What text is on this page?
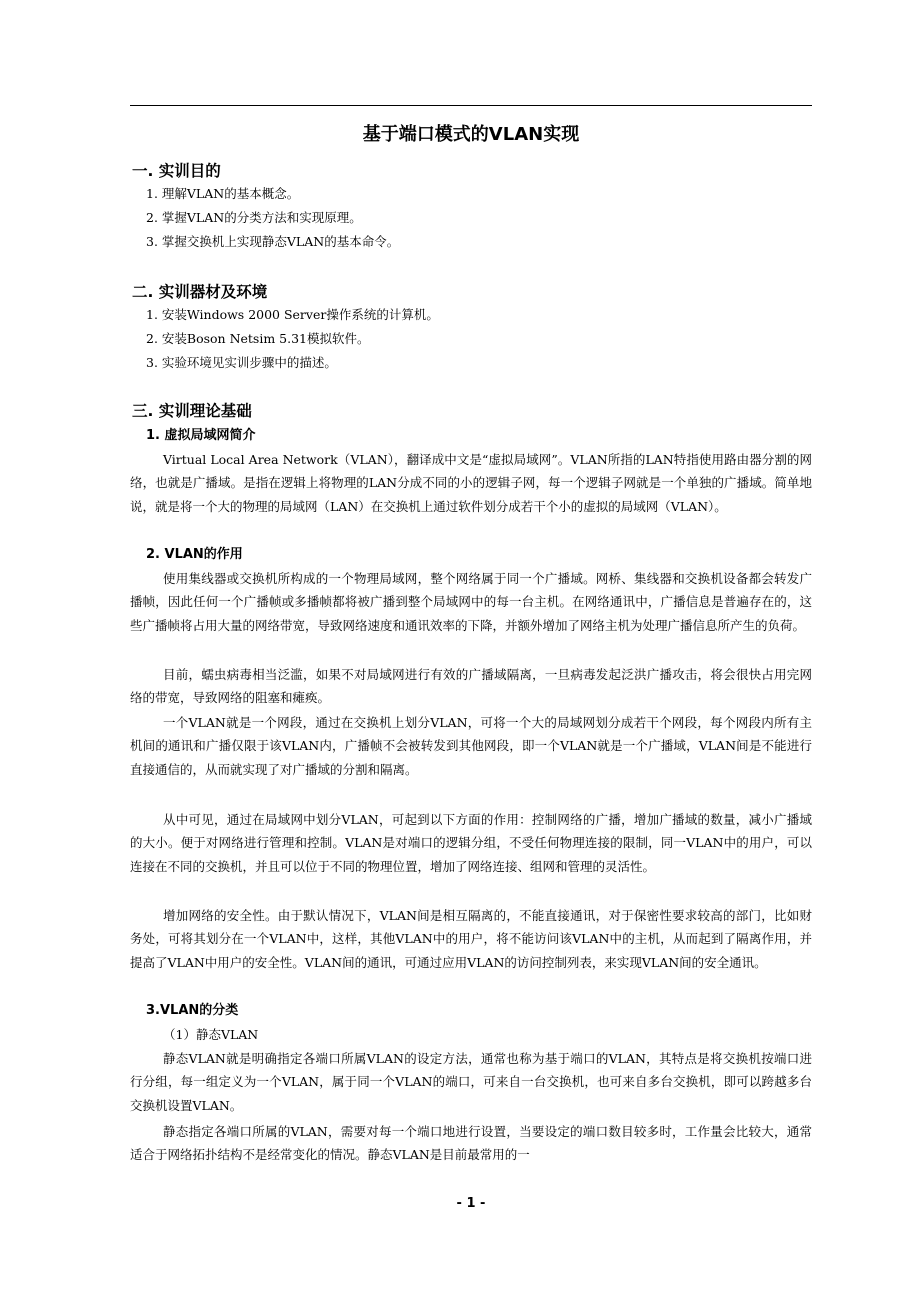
基于端口模式的VLAN实现
一. 实训目的

1. 理解VLAN的基本概念。

2. 掌握VLAN的分类方法和实现原理。

3. 掌握交换机上实现静态VLAN的基本命令。

二. 实训器材及环境

1. 安装Windows 2000 Server操作系统的计算机。

2. 安装Boson Netsim 5.31模拟软件。

3. 实验环境见实训步骤中的描述。

三. 实训理论基础
1. 虚拟局域网简介

Virtual Local Area Network（VLAN），翻译成中文是“虚拟局域网”。VLAN所指的LAN特指使用路由器分割的网络，也就是广播域。是指在逻辑上将物理的LAN分成不同的小的逻辑子网，每一个逻辑子网就是一个单独的广播域。简单地说，就是将一个大的物理的局域网（LAN）在交换机上通过软件划分成若干个小的虚拟的局域网（VLAN）。

2. VLAN的作用

使用集线器或交换机所构成的一个物理局域网，整个网络属于同一个广播域。网桥、集线器和交换机设备都会转发广播帧，因此任何一个广播帧或多播帧都将被广播到整个局域网中的每一台主机。在网络通讯中，广播信息是普遍存在的，这些广播帧将占用大量的网络带宽，导致网络速度和通讯效率的下降，并额外增加了网络主机为处理广播信息所产生的负荷。

目前，蠕虫病毒相当泛滥，如果不对局域网进行有效的广播域隔离，一旦病毒发起泛洪广播攻击，将会很快占用完网络的带宽，导致网络的阻塞和瘫痪。

一个VLAN就是一个网段，通过在交换机上划分VLAN，可将一个大的局域网划分成若干个网段，每个网段内所有主机间的通讯和广播仅限于该VLAN内，广播帧不会被转发到其他网段，即一个VLAN就是一个广播域，VLAN间是不能进行直接通信的，从而就实现了对广播域的分割和隔离。

从中可见，通过在局域网中划分VLAN，可起到以下方面的作用：控制网络的广播，增加广播域的数量，减小广播域的大小。便于对网络进行管理和控制。VLAN是对端口的逻辑分组，不受任何物理连接的限制，同一VLAN中的用户，可以连接在不同的交换机，并且可以位于不同的物理位置，增加了网络连接、组网和管理的灵活性。

增加网络的安全性。由于默认情况下，VLAN间是相互隔离的，不能直接通讯，对于保密性要求较高的部门，比如财务处，可将其划分在一个VLAN中，这样，其他VLAN中的用户，将不能访问该VLAN中的主机，从而起到了隔离作用，并提高了VLAN中用户的安全性。VLAN间的通讯，可通过应用VLAN的访问控制列表，来实现VLAN间的安全通讯。

3.VLAN的分类

（1）静态VLAN

静态VLAN就是明确指定各端口所属VLAN的设定方法，通常也称为基于端口的VLAN，其特点是将交换机按端口进行分组，每一组定义为一个VLAN，属于同一个VLAN的端口，可来自一台交换机，也可来自多台交换机，即可以跨越多台交换机设置VLAN。

静态指定各端口所属的VLAN，需要对每一个端口地进行设置，当要设定的端口数目较多时，工作量会比较大，通常适合于网络拓扑结构不是经常变化的情况。静态VLAN是目前最常用的一

- 1 -
